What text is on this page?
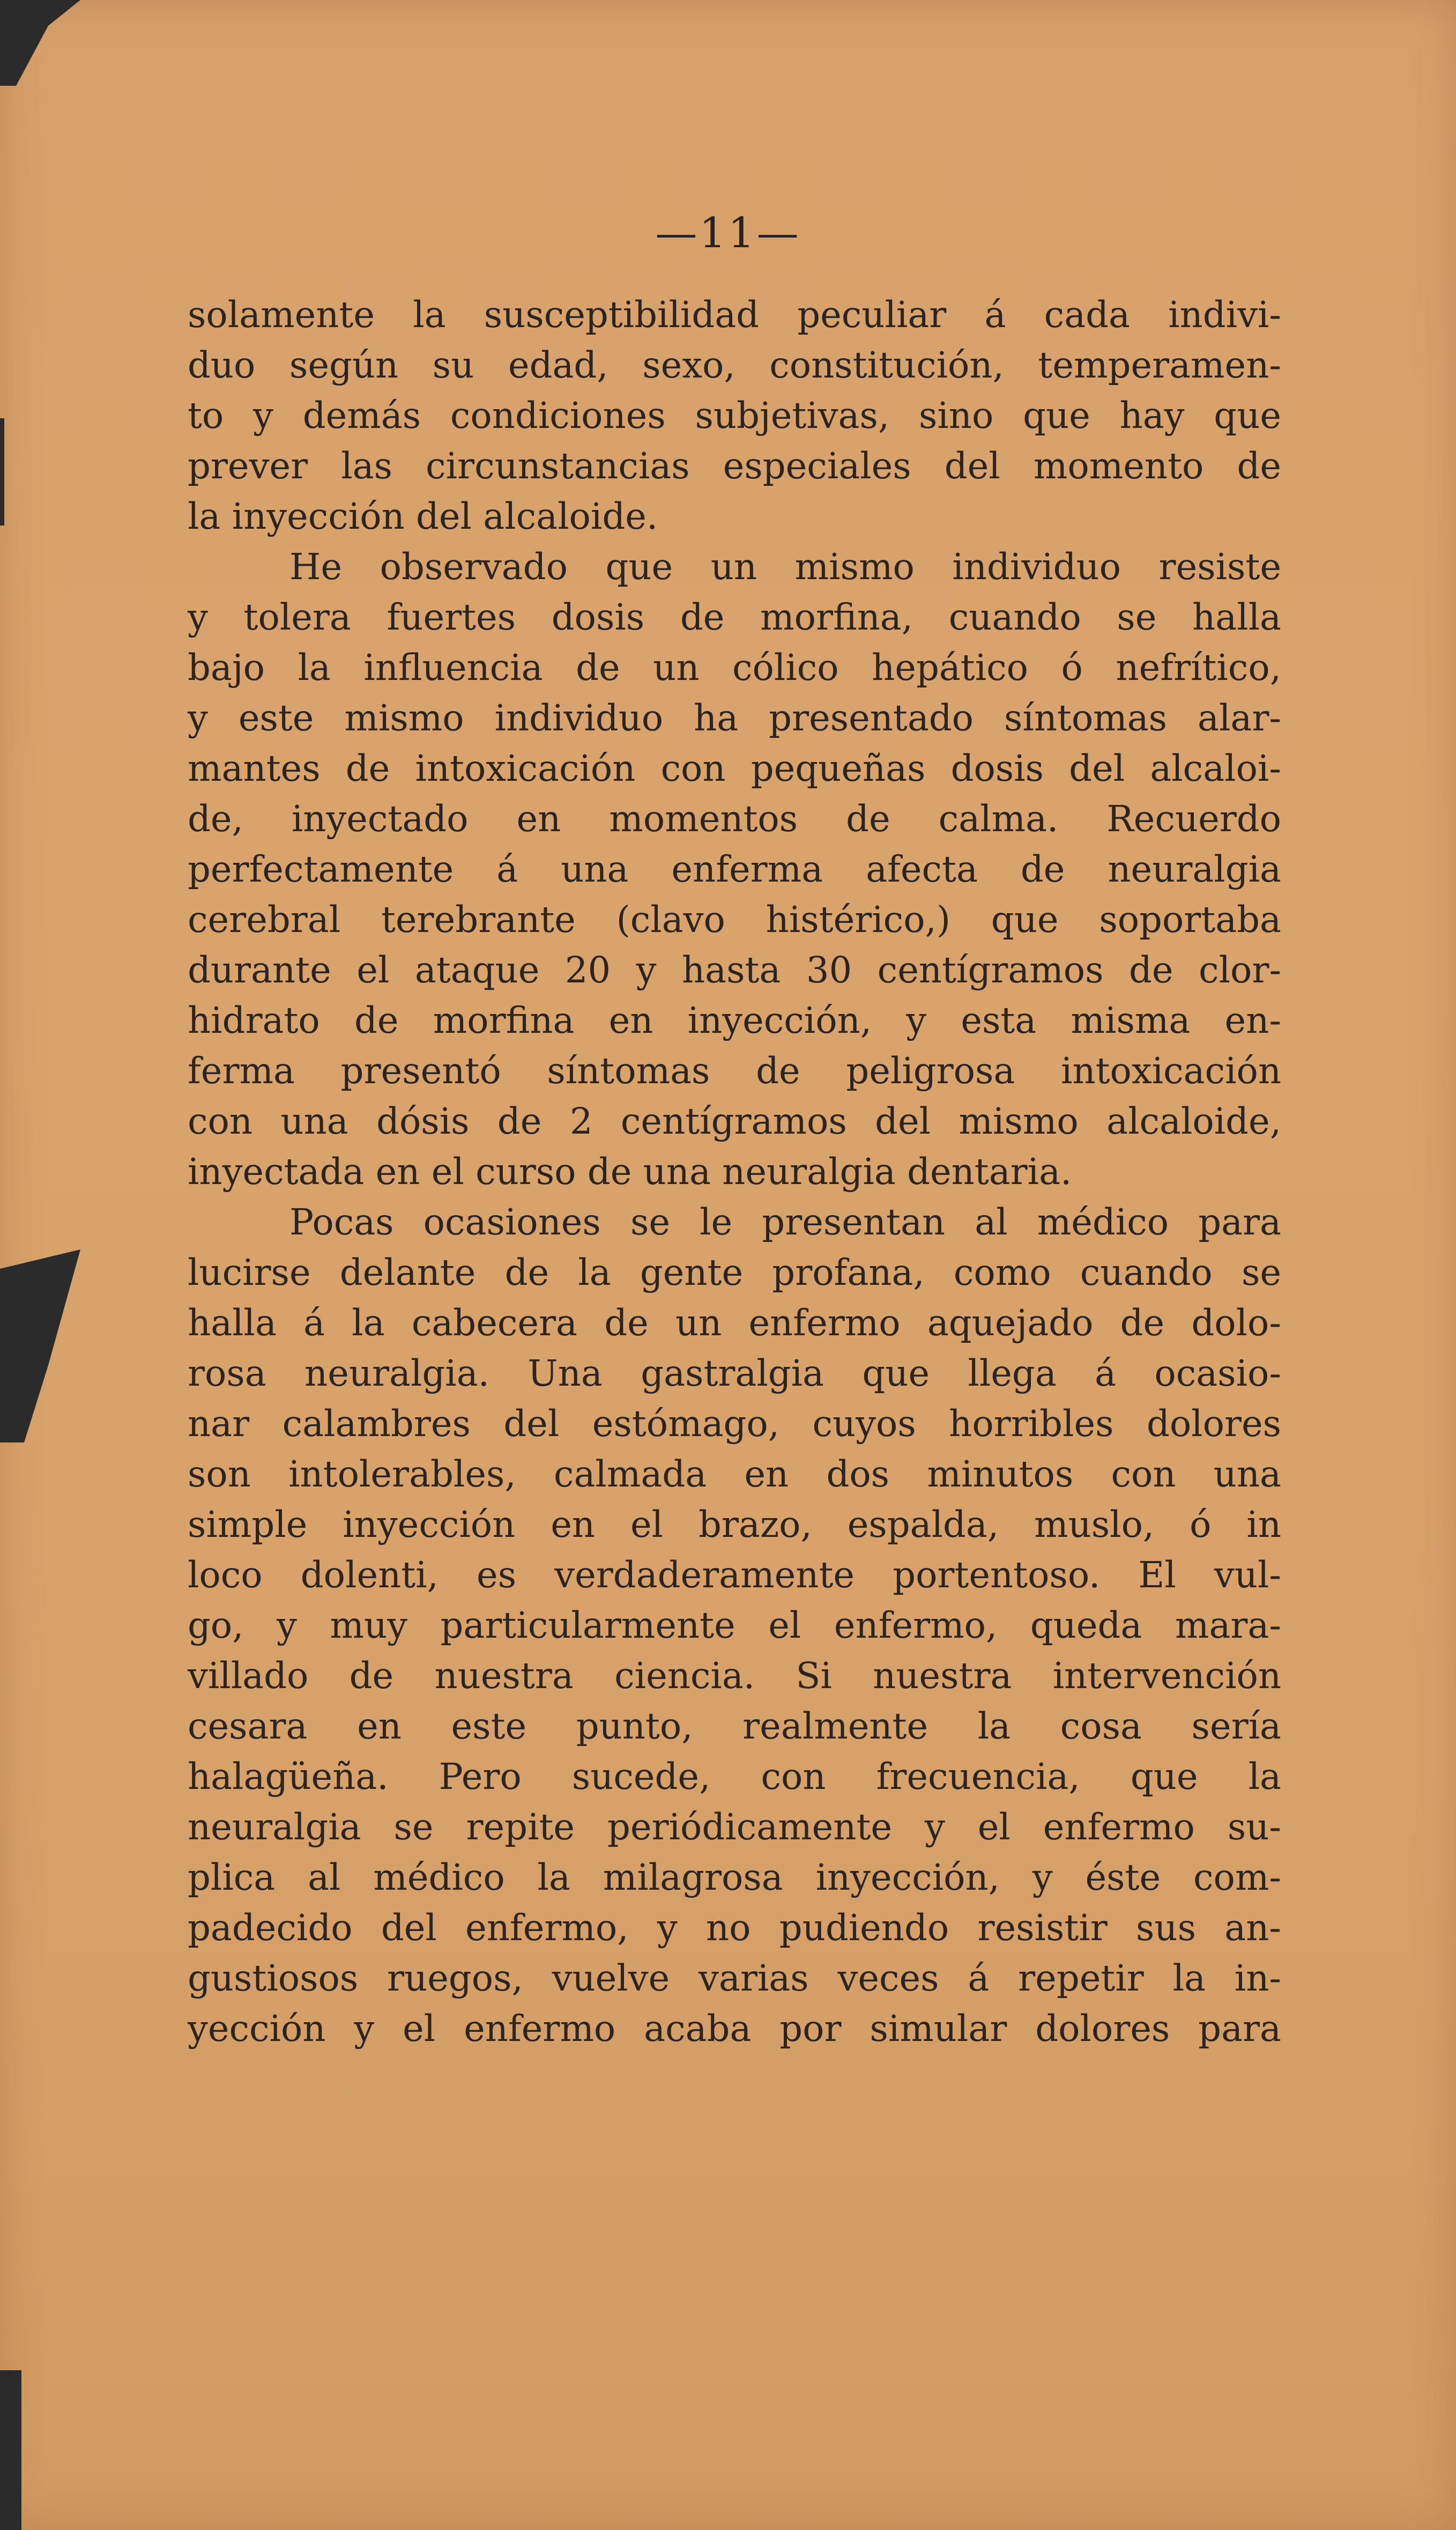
—11—
solamente la susceptibilidad peculiar á cada indivi-
duo según su edad, sexo, constitución, temperamen-
to y demás condiciones subjetivas, sino que hay que
prever las circunstancias especiales del momento de
la inyección del alcaloide.
He observado que un mismo individuo resiste
y tolera fuertes dosis de morfina, cuando se halla
bajo la influencia de un cólico hepático ó nefrítico,
y este mismo individuo ha presentado síntomas alar-
mantes de intoxicación con pequeñas dosis del alcaloi-
de, inyectado en momentos de calma. Recuerdo
perfectamente á una enferma afecta de neuralgia
cerebral terebrante (clavo histérico,) que soportaba
durante el ataque 20 y hasta 30 centígramos de clor-
hidrato de morfina en inyección, y esta misma en-
ferma presentó síntomas de peligrosa intoxicación
con una dósis de 2 centígramos del mismo alcaloide,
inyectada en el curso de una neuralgia dentaria.
Pocas ocasiones se le presentan al médico para
lucirse delante de la gente profana, como cuando se
halla á la cabecera de un enfermo aquejado de dolo-
rosa neuralgia. Una gastralgia que llega á ocasio-
nar calambres del estómago, cuyos horribles dolores
son intolerables, calmada en dos minutos con una
simple inyección en el brazo, espalda, muslo, ó in
loco dolenti, es verdaderamente portentoso. El vul-
go, y muy particularmente el enfermo, queda mara-
villado de nuestra ciencia. Si nuestra intervención
cesara en este punto, realmente la cosa sería
halagüeña. Pero sucede, con frecuencia, que la
neuralgia se repite periódicamente y el enfermo su-
plica al médico la milagrosa inyección, y éste com-
padecido del enfermo, y no pudiendo resistir sus an-
gustiosos ruegos, vuelve varias veces á repetir la in-
yección y el enfermo acaba por simular dolores para
